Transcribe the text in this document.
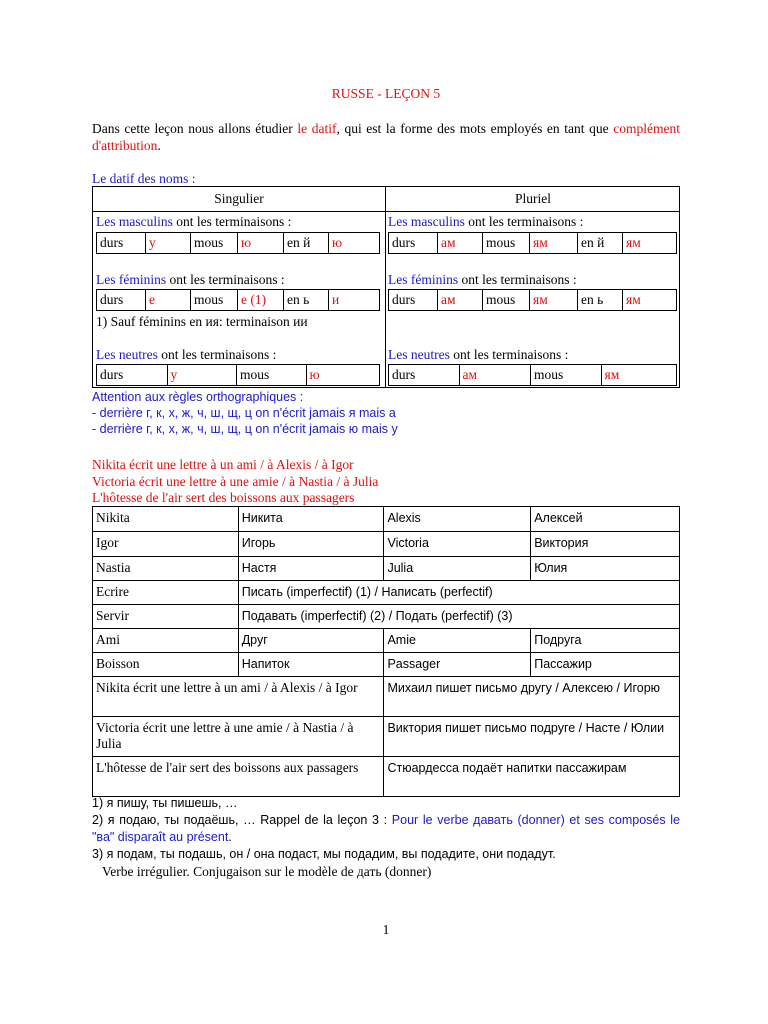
RUSSE - LEÇON 5
Dans cette leçon nous allons étudier le datif, qui est la forme des mots employés en tant que complément d'attribution.
Le datif des noms :
Singulier	Pluriel
Les masculins ont les terminaisons :
durs	у	mous	ю	en й	ю
Les masculins ont les terminaisons :
durs	ам	mous	ям	en й	ям
Les féminins ont les terminaisons :
durs	е	mous	е (1)	en ь	и
1) Sauf féminins en ия: terminaison ии
Les féminins ont les terminaisons :
durs	ам	mous	ям	en ь	ям
Les neutres ont les terminaisons :
durs	у	mous	ю
Les neutres ont les terminaisons :
durs	ам	mous	ям
Attention aux règles orthographiques :
- derrière г, к, х, ж, ч, ш, щ, ц on n'écrit jamais я mais а
- derrière г, к, х, ж, ч, ш, щ, ц on n'écrit jamais ю mais у
Nikita écrit une lettre à un ami / à Alexis / à Igor
Victoria écrit une lettre à une amie / à Nastia / à Julia
L'hôtesse de l'air sert des boissons aux passagers
Nikita	Никита	Alexis	Алексей
Igor	Игорь	Victoria	Виктория
Nastia	Настя	Julia	Юлия
Ecrire	Писать (imperfectif) (1) / Написать (perfectif)		
Servir	Подавать (imperfectif) (2) / Подать (perfectif) (3)		
Ami	Друг	Amie	Подруга
Boisson	Напиток	Passager	Пассажир
Nikita écrit une lettre à un ami / à Alexis / à Igor		Михаил пишет письмо другу / Алексею / Игорю	
Victoria écrit une lettre à une amie / à Nastia / à Julia		Виктория пишет письмо подруге / Насте / Юлии	
L'hôtesse de l'air sert des boissons aux passagers		Стюардесса подаёт напитки пассажирам	
1) я пишу, ты пишешь, …
2) я подаю, ты подаёшь, … Rappel de la leçon 3 : Pour le verbe давать (donner) et ses composés le "ва" disparaît au présent.
3) я подам, ты подашь, он / она подаст, мы подадим, вы подадите, они подадут.
Verbe irrégulier. Conjugaison sur le modèle de дать (donner)
1
